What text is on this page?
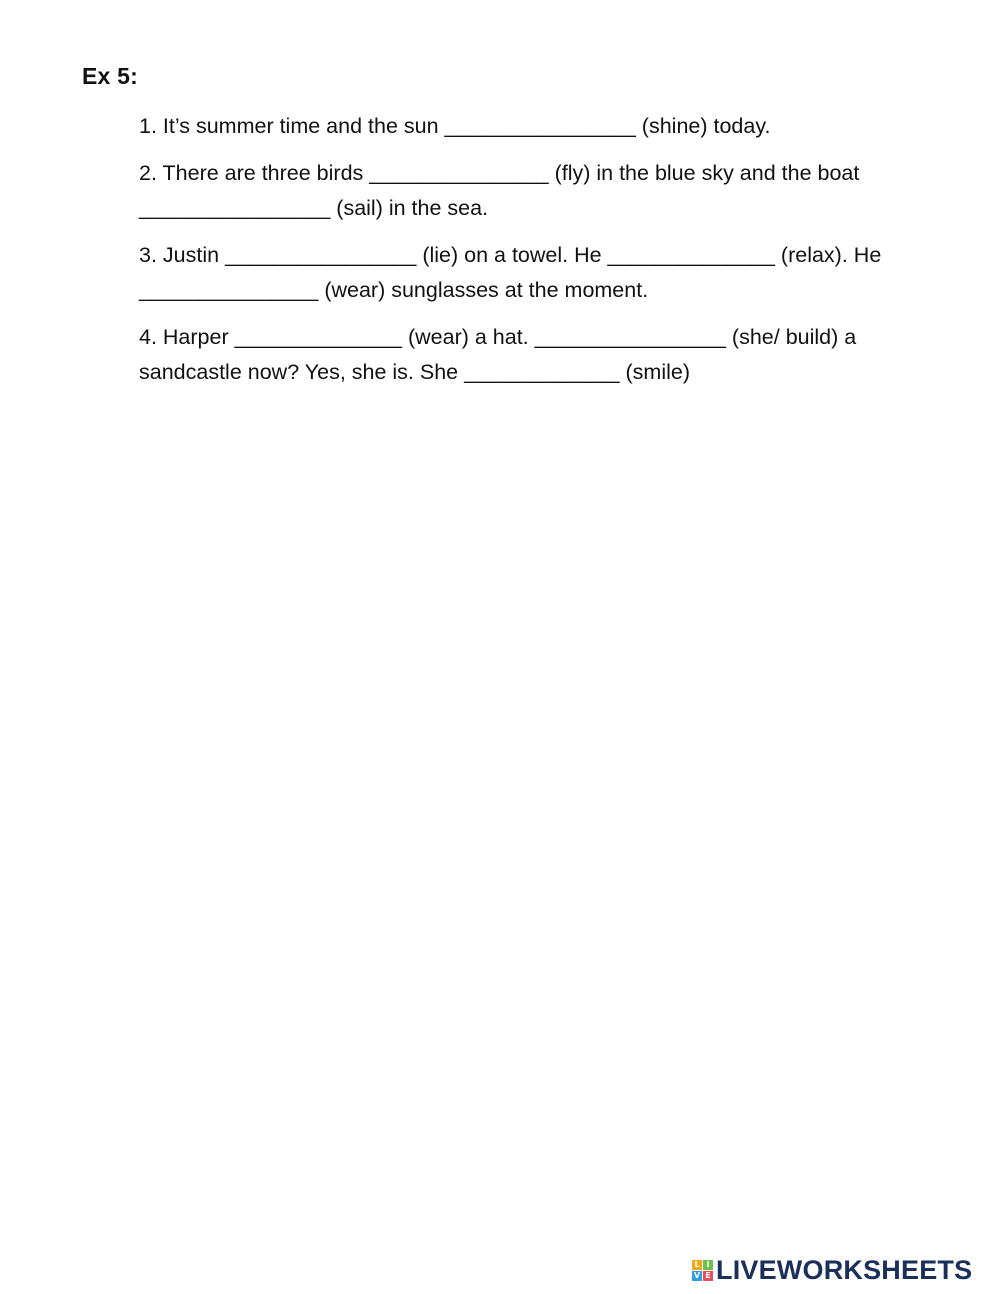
Ex 5:
1. It’s summer time and the sun ________________ (shine) today.
2. There are three birds _______________ (fly) in the blue sky and the boat ________________ (sail) in the sea.
3. Justin ________________ (lie) on a towel. He ______________ (relax). He _______________ (wear) sunglasses at the moment.
4. Harper ______________ (wear) a hat. ________________ (she/ build) a sandcastle now? Yes, she is. She _____________ (smile)
L I
V E LIVEWORKSHEETS
